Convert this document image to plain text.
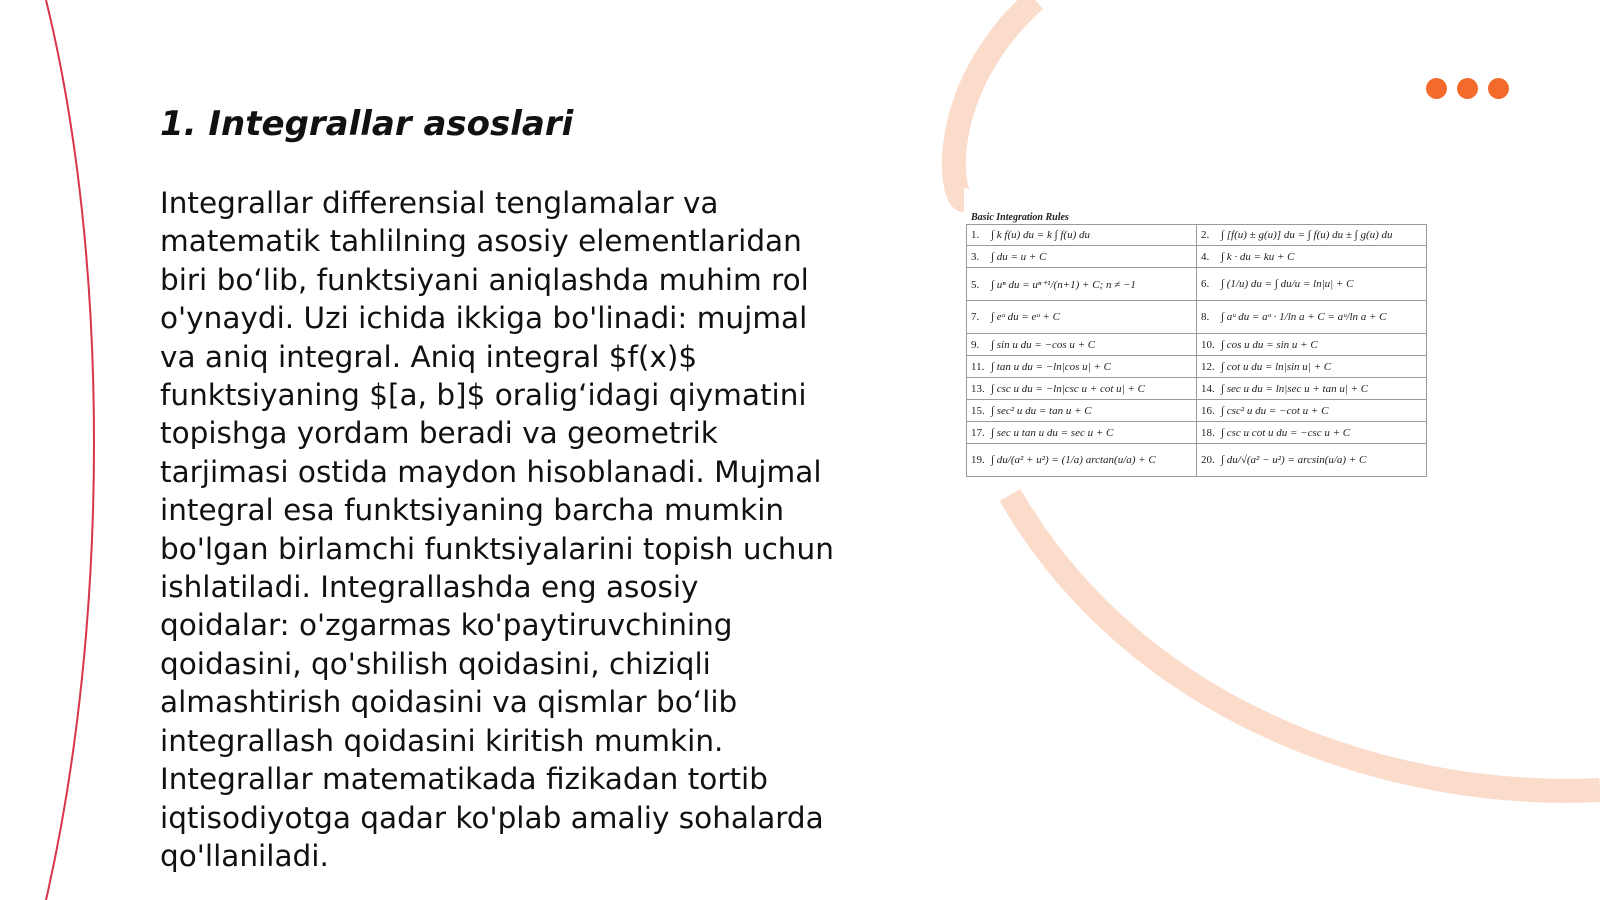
1. Integrallar asoslari

Integrallar differensial tenglamalar va matematik tahlilning asosiy elementlaridan biri bo‘lib, funktsiyani aniqlashda muhim rol o'ynaydi. Uzi ichida ikkiga bo'linadi: mujmal va aniq integral. Aniq integral $f(x)$ funktsiyaning $[a, b]$ oralig‘idagi qiymatini topishga yordam beradi va geometrik tarjimasi ostida maydon hisoblanadi. Mujmal integral esa funktsiyaning barcha mumkin bo'lgan birlamchi funktsiyalarini topish uchun ishlatiladi. Integrallashda eng asosiy qoidalar: o'zgarmas ko'paytiruvchining qoidasini, qo'shilish qoidasini, chiziqli almashtirish qoidasini va qismlar bo‘lib integrallash qoidasini kiritish mumkin. Integrallar matematikada fizikadan tortib iqtisodiyotga qadar ko'plab amaliy sohalarda qo'llaniladi.

Basic Integration Rules
1. ∫ k f(u) du = k ∫ f(u) du	2. ∫ [f(u) ± g(u)] du = ∫ f(u) du ± ∫ g(u) du
3. ∫ du = u + C	4. ∫ k · du = ku + C
5. ∫ uⁿ du = uⁿ⁺¹/(n+1) + C; n ≠ −1	6. ∫ (1/u) du = ∫ du/u = ln|u| + C
7. ∫ eᵘ du = eᵘ + C	8. ∫ aᵘ du = aᵘ · 1/ln a + C = aᵘ/ln a + C
9. ∫ sin u du = −cos u + C	10. ∫ cos u du = sin u + C
11. ∫ tan u du = −ln|cos u| + C	12. ∫ cot u du = ln|sin u| + C
13. ∫ csc u du = −ln|csc u + cot u| + C	14. ∫ sec u du = ln|sec u + tan u| + C
15. ∫ sec² u du = tan u + C	16. ∫ csc² u du = −cot u + C
17. ∫ sec u tan u du = sec u + C	18. ∫ csc u cot u du = −csc u + C
19. ∫ du/(a² + u²) = (1/a) arctan(u/a) + C	20. ∫ du/√(a² − u²) = arcsin(u/a) + C
